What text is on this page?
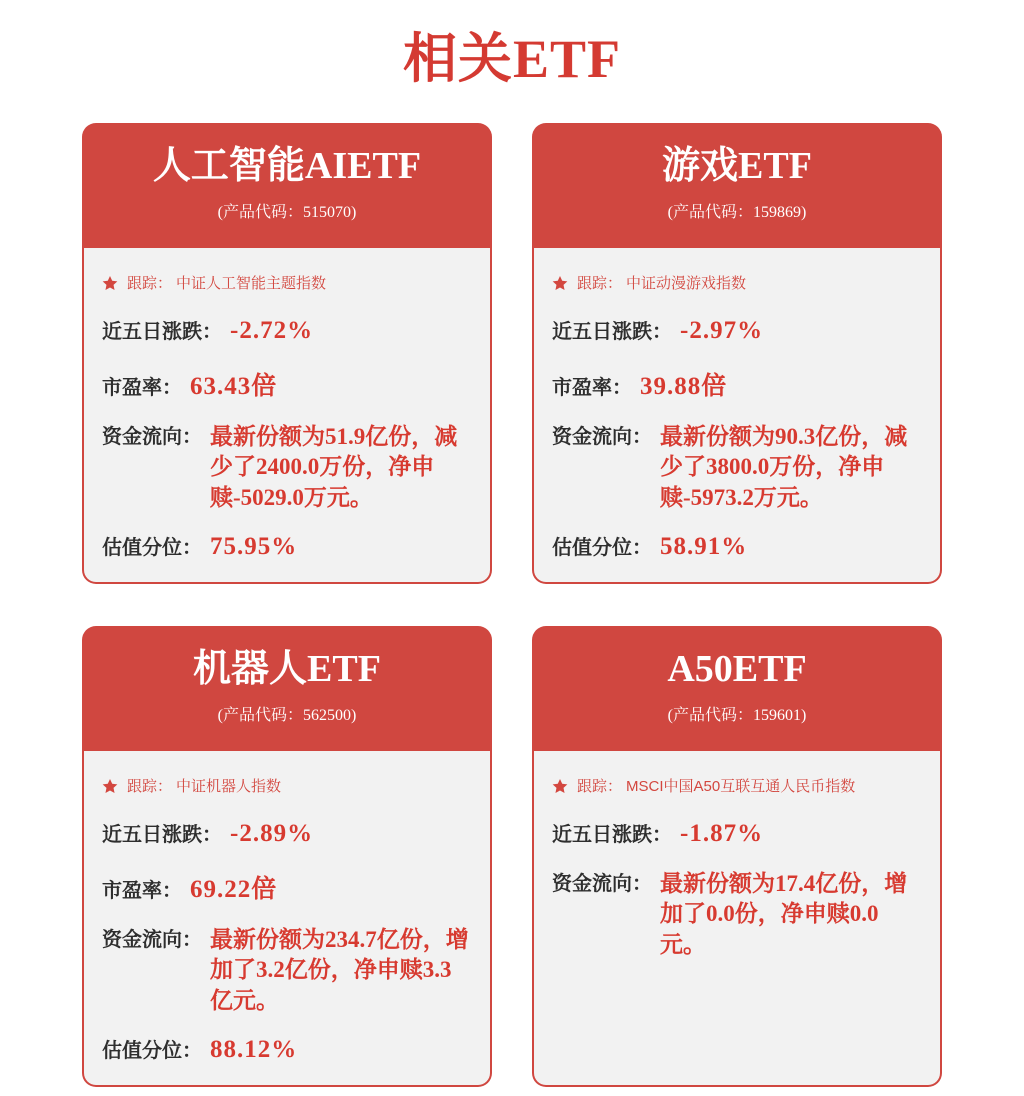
相关ETF
人工智能AIETF
(产品代码：515070)
跟踪： 中证人工智能主题指数
近五日涨跌： -2.72%
市盈率： 63.43倍
资金流向： 最新份额为51.9亿份，减少了2400.0万份，净申赎-5029.0万元。
估值分位： 75.95%
游戏ETF
(产品代码：159869)
跟踪： 中证动漫游戏指数
近五日涨跌： -2.97%
市盈率： 39.88倍
资金流向： 最新份额为90.3亿份，减少了3800.0万份，净申赎-5973.2万元。
估值分位： 58.91%
机器人ETF
(产品代码：562500)
跟踪： 中证机器人指数
近五日涨跌： -2.89%
市盈率： 69.22倍
资金流向： 最新份额为234.7亿份，增加了3.2亿份，净申赎3.3亿元。
估值分位： 88.12%
A50ETF
(产品代码：159601)
跟踪： MSCI中国A50互联互通人民币指数
近五日涨跌： -1.87%
资金流向： 最新份额为17.4亿份，增加了0.0份，净申赎0.0元。
